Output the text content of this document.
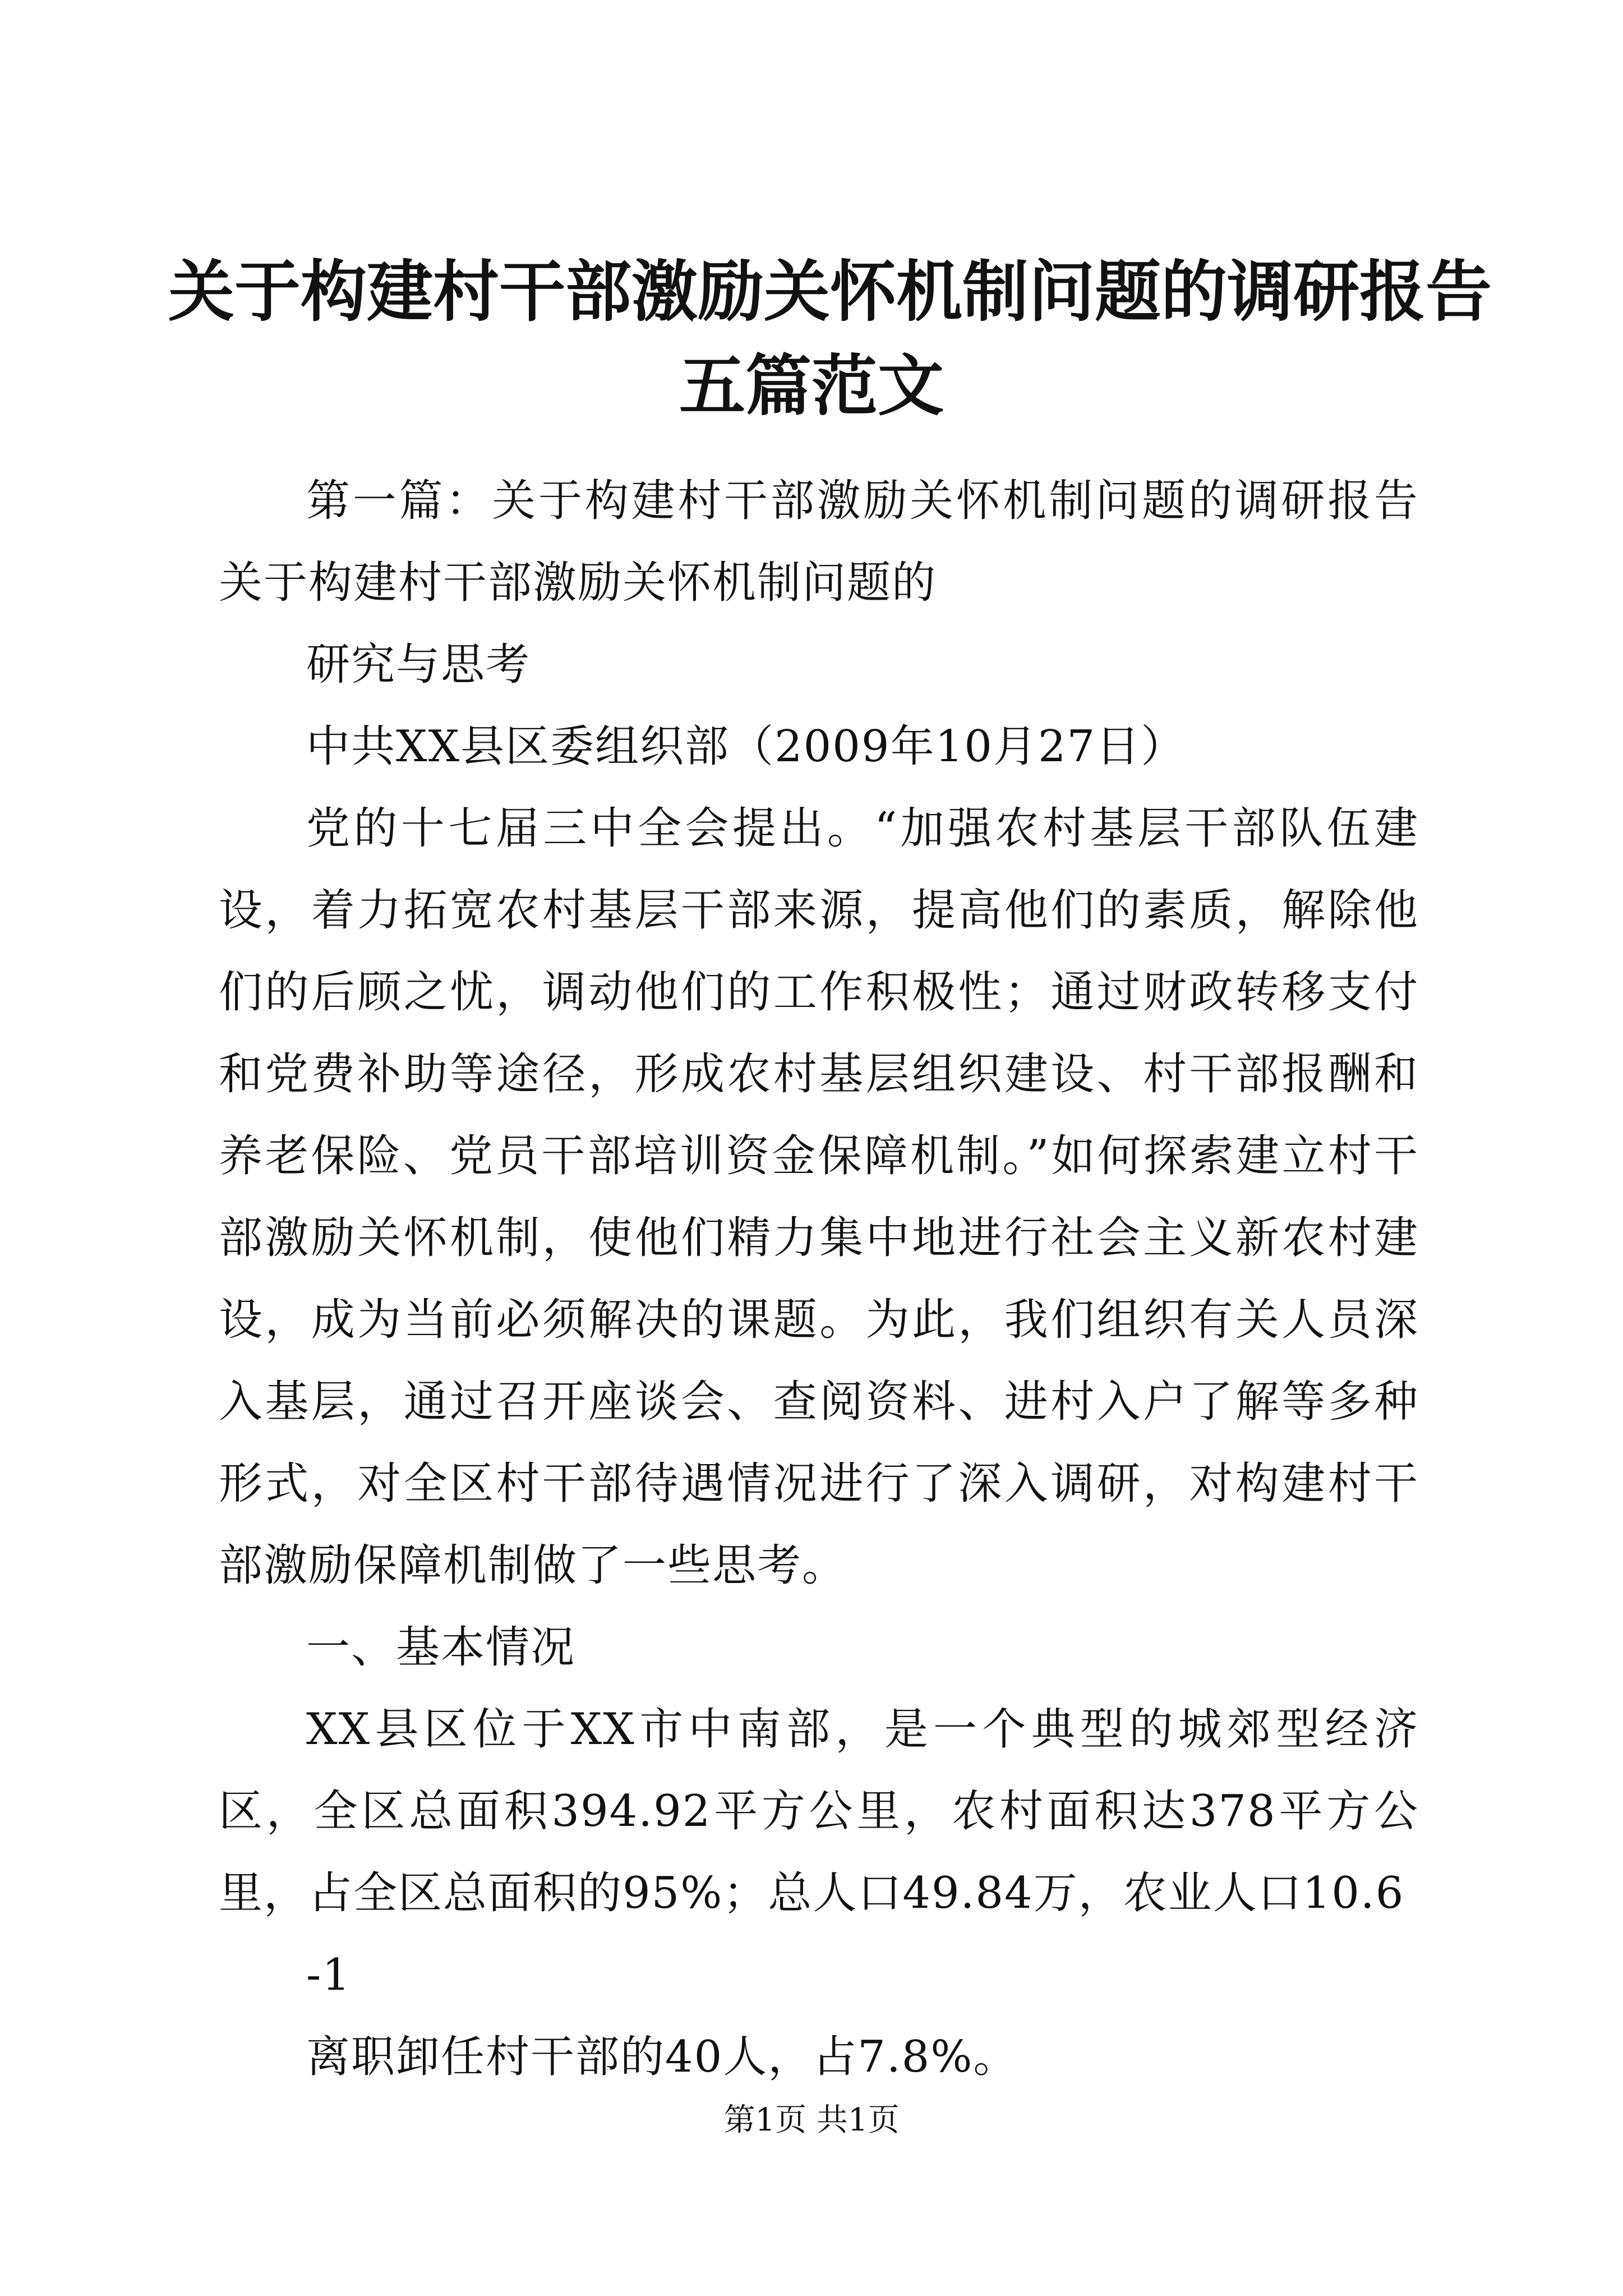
关于构建村干部激励关怀机制问题的调研报告
五篇范文

第一篇：关于构建村干部激励关怀机制问题的调研报告关于构建村干部激励关怀机制问题的

研究与思考

中共XX县区委组织部（2009年10月27日）

党的十七届三中全会提出。“加强农村基层干部队伍建设，着力拓宽农村基层干部来源，提高他们的素质，解除他们的后顾之忧，调动他们的工作积极性；通过财政转移支付和党费补助等途径，形成农村基层组织建设、村干部报酬和养老保险、党员干部培训资金保障机制。”如何探索建立村干部激励关怀机制，使他们精力集中地进行社会主义新农村建设，成为当前必须解决的课题。为此，我们组织有关人员深入基层，通过召开座谈会、查阅资料、进村入户了解等多种形式，对全区村干部待遇情况进行了深入调研，对构建村干部激励保障机制做了一些思考。

一、基本情况

XX县区位于XX市中南部，是一个典型的城郊型经济区，全区总面积394.92平方公里，农村面积达378平方公里，占全区总面积的95%；总人口49.84万，农业人口10.6

-1

离职卸任村干部的40人，占7.8%。

第1页 共1页
